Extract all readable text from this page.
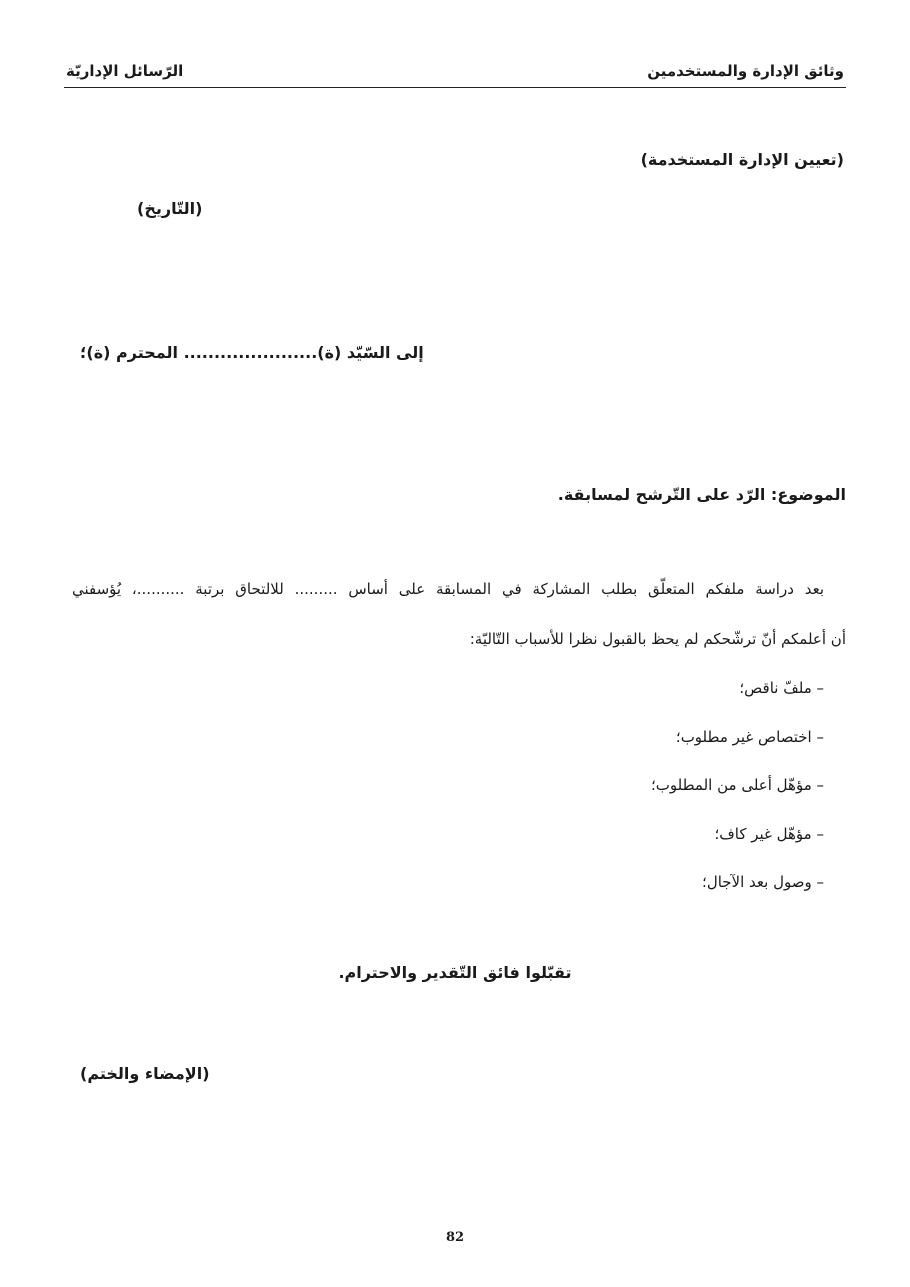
وثائق الإدارة والمستخدمين
الرّسائل الإداريّة
(تعيين الإدارة المستخدمة)
(التّاريخ)
إلى السّيّد (ة)...................... المحترم (ة)؛
الموضوع: الرّد على التّرشح لمسابقة.
بعد دراسة ملفكم المتعلّق بطلب المشاركة في المسابقة على أساس ......... للالتحاق برتبة ..........، يُؤسفني
أن أعلمكم أنّ ترشّحكم لم يحظ بالقبول نظرا للأسباب التّاليّة:
– ملفّ ناقص؛
– اختصاص غير مطلوب؛
– مؤهّل أعلى من المطلوب؛
– مؤهّل غير كاف؛
– وصول بعد الآجال؛
تقبّلوا فائق التّقدير والاحترام.
(الإمضاء والختم)
82
